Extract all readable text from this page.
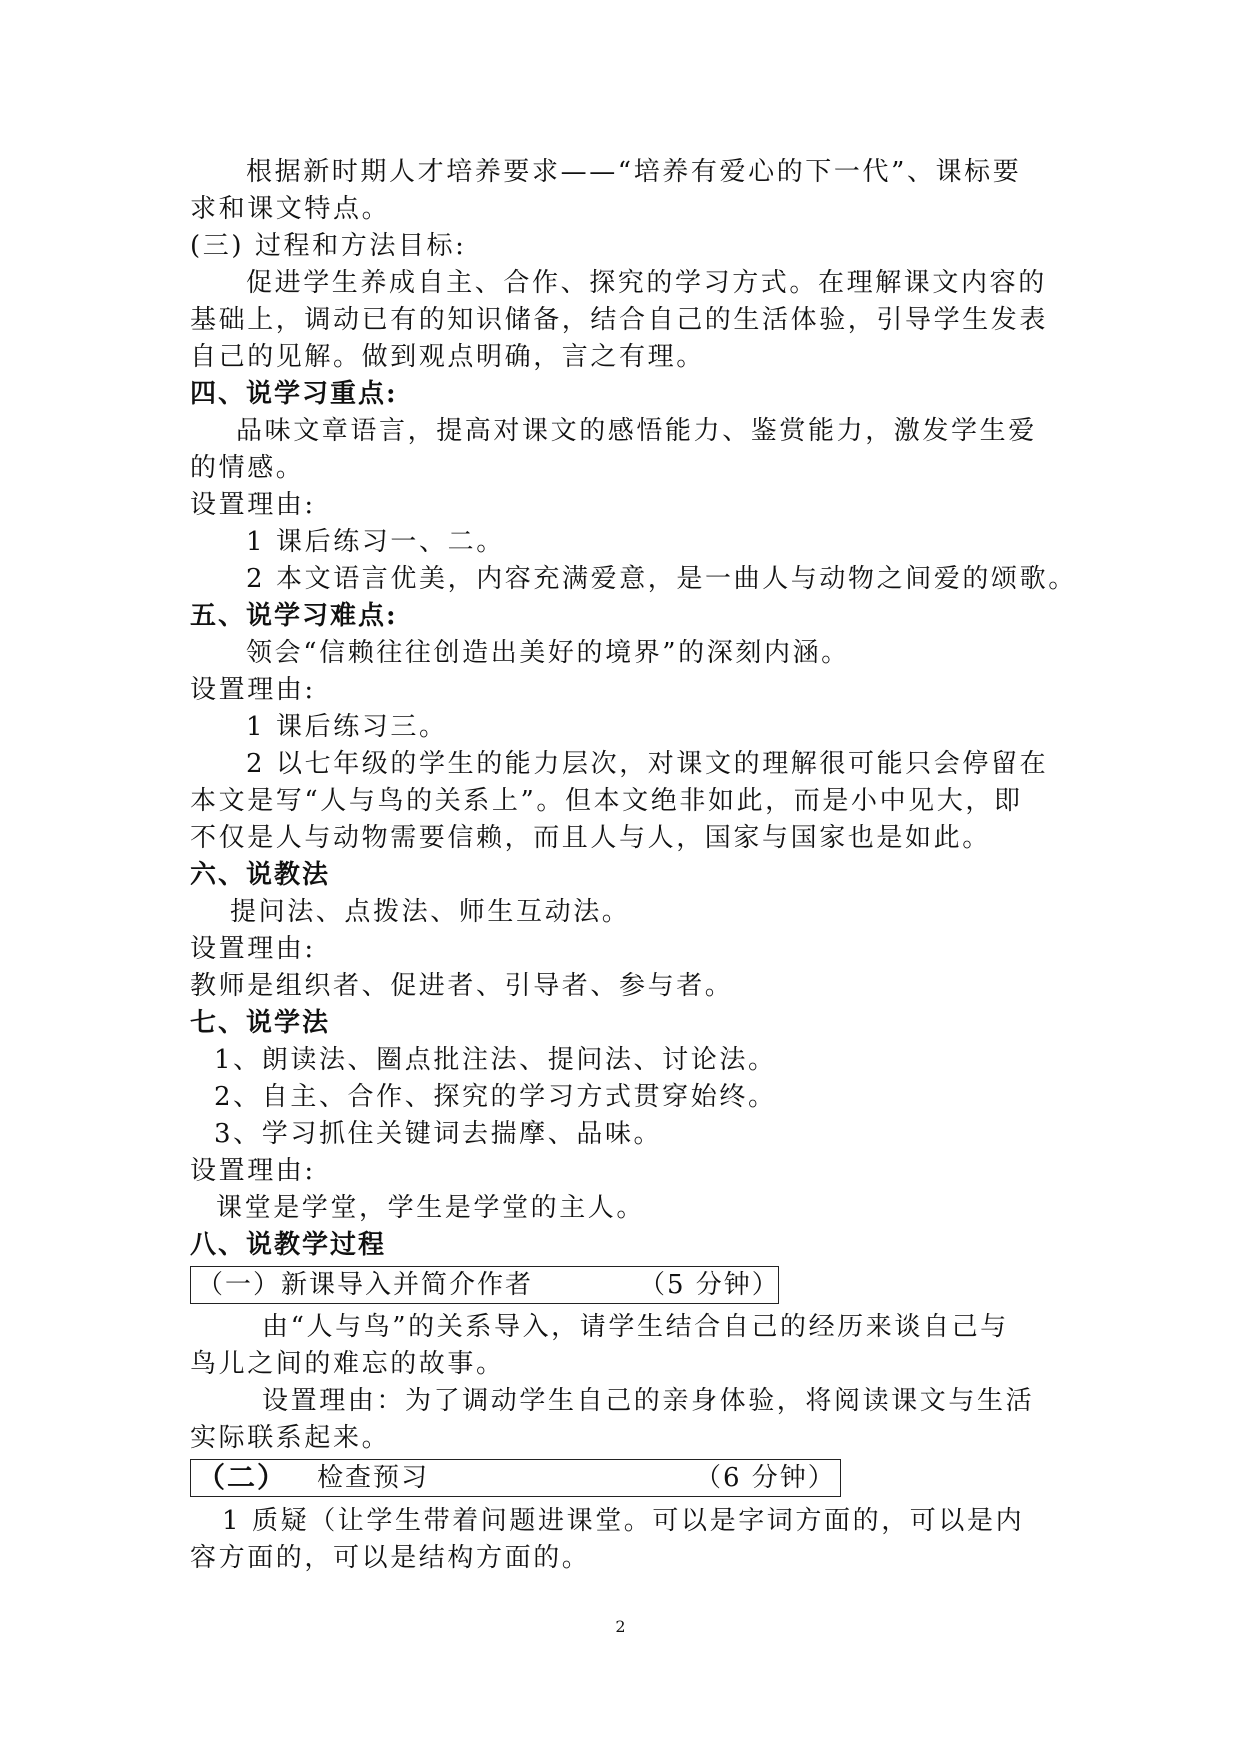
根据新时期人才培养要求——“培养有爱心的下一代”、课标要
求和课文特点。
(三) 过程和方法目标:
促进学生养成自主、合作、探究的学习方式。在理解课文内容的
基础上，调动已有的知识储备，结合自己的生活体验，引导学生发表
自己的见解。做到观点明确，言之有理。
四、说学习重点:
品味文章语言，提高对课文的感悟能力、鉴赏能力，激发学生爱
的情感。
设置理由:
1 课后练习一、二。
2 本文语言优美，内容充满爱意，是一曲人与动物之间爱的颂歌。
五、说学习难点:
领会“信赖往往创造出美好的境界”的深刻内涵。
设置理由:
1 课后练习三。
2 以七年级的学生的能力层次，对课文的理解很可能只会停留在
本文是写“人与鸟的关系上”。但本文绝非如此，而是小中见大，即
不仅是人与动物需要信赖，而且人与人，国家与国家也是如此。
六、说教法
提问法、点拨法、师生互动法。
设置理由:
教师是组织者、促进者、引导者、参与者。
七、说学法
1、朗读法、圈点批注法、提问法、讨论法。
2、自主、合作、探究的学习方式贯穿始终。
3、学习抓住关键词去揣摩、品味。
设置理由:
课堂是学堂，学生是学堂的主人。
八、说教学过程
（一）新课导入并简介作者	（5 分钟）
由“人与鸟”的关系导入，请学生结合自己的经历来谈自己与
鸟儿之间的难忘的故事。
设置理由：为了调动学生自己的亲身体验，将阅读课文与生活
实际联系起来。
（二） 检查预习	（6 分钟）
1 质疑（让学生带着问题进课堂。可以是字词方面的，可以是内
容方面的，可以是结构方面的。
2
